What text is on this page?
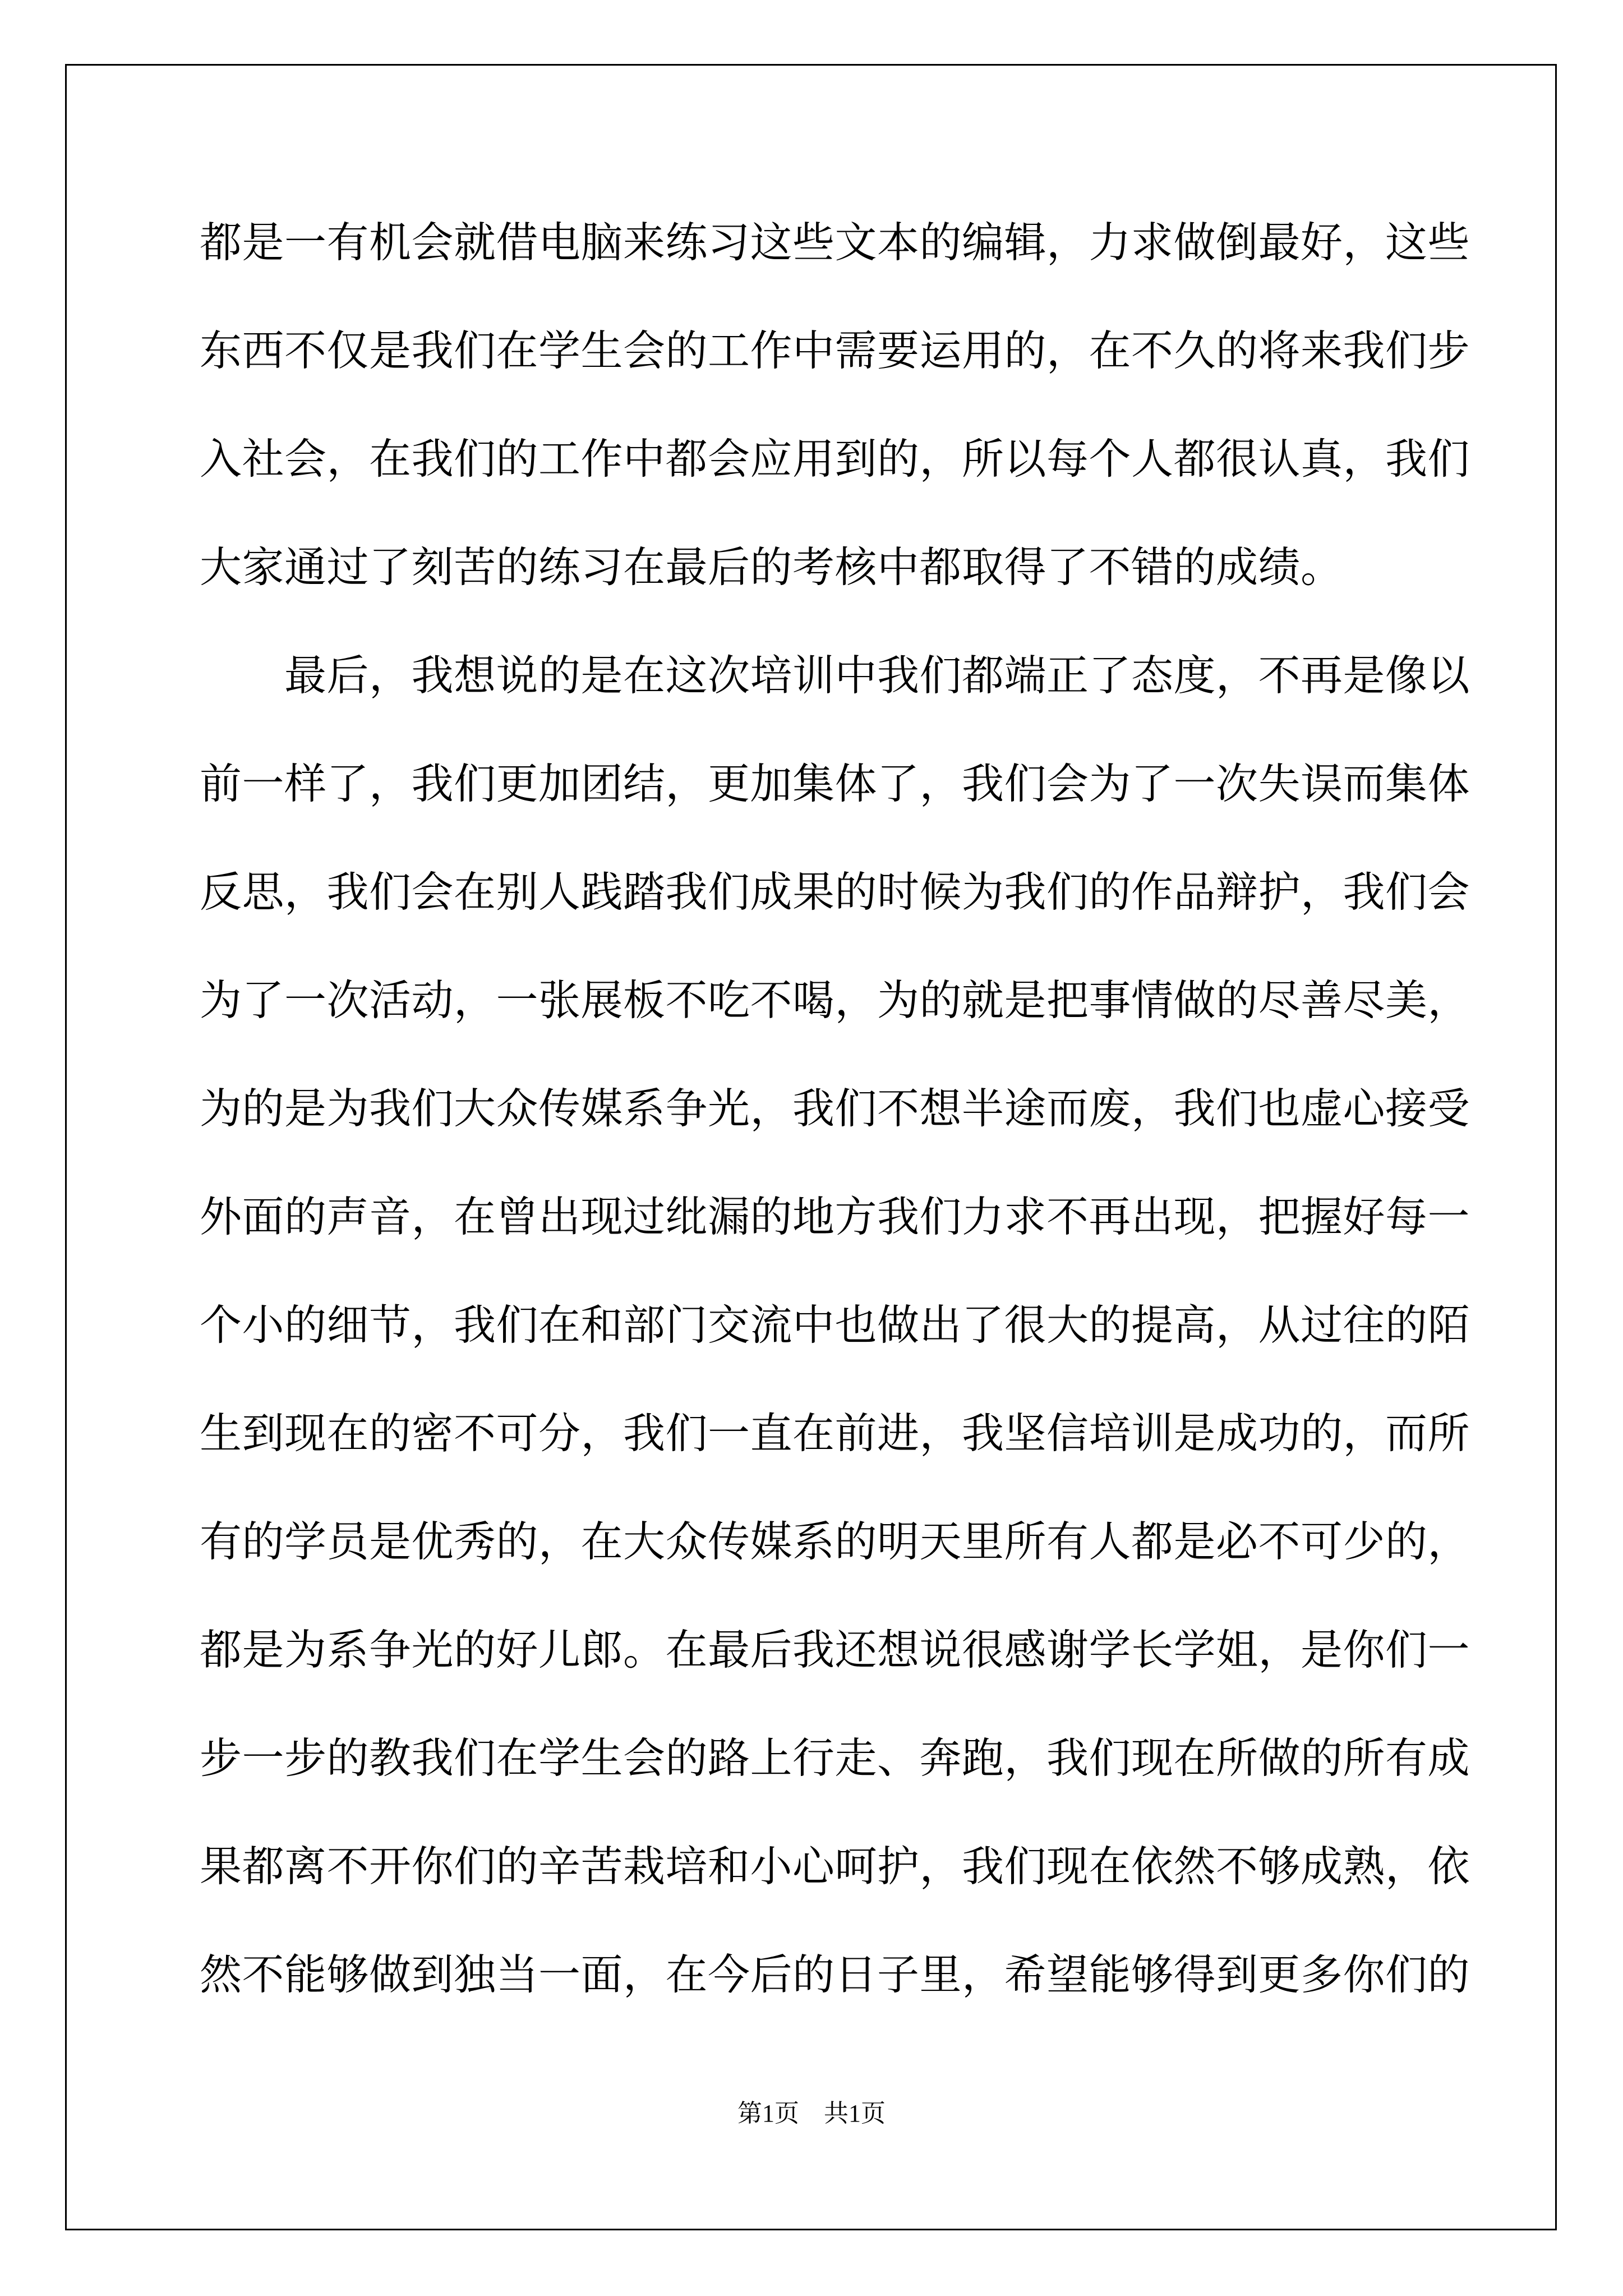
都是一有机会就借电脑来练习这些文本的编辑，力求做倒最好，这些
东西不仅是我们在学生会的工作中需要运用的，在不久的将来我们步
入社会，在我们的工作中都会应用到的，所以每个人都很认真，我们
大家通过了刻苦的练习在最后的考核中都取得了不错的成绩。
　　最后，我想说的是在这次培训中我们都端正了态度，不再是像以
前一样了，我们更加团结，更加集体了，我们会为了一次失误而集体
反思，我们会在别人践踏我们成果的时候为我们的作品辩护，我们会
为了一次活动，一张展板不吃不喝，为的就是把事情做的尽善尽美，
为的是为我们大众传媒系争光，我们不想半途而废，我们也虚心接受
外面的声音，在曾出现过纰漏的地方我们力求不再出现，把握好每一
个小的细节，我们在和部门交流中也做出了很大的提高，从过往的陌
生到现在的密不可分，我们一直在前进，我坚信培训是成功的，而所
有的学员是优秀的，在大众传媒系的明天里所有人都是必不可少的，
都是为系争光的好儿郎。在最后我还想说很感谢学长学姐，是你们一
步一步的教我们在学生会的路上行走、奔跑，我们现在所做的所有成
果都离不开你们的辛苦栽培和小心呵护，我们现在依然不够成熟，依
然不能够做到独当一面，在今后的日子里，希望能够得到更多你们的
第1页　共1页
